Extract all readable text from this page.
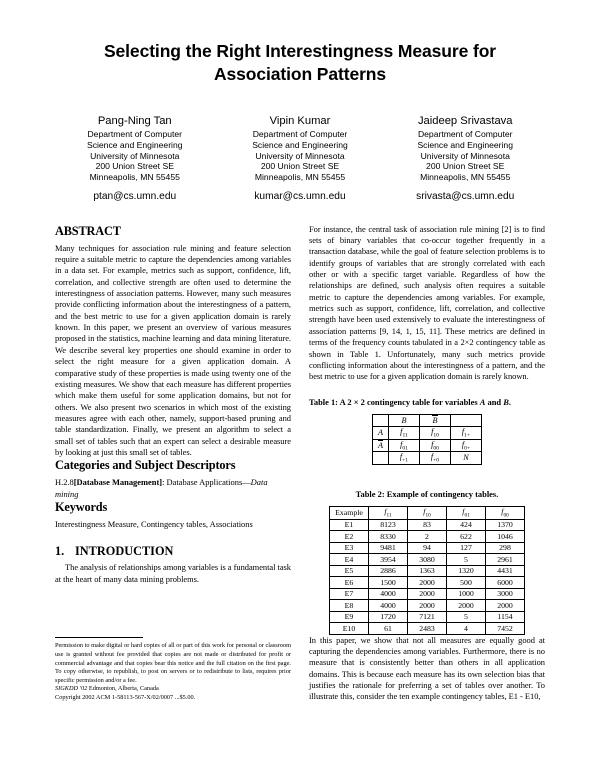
Selecting the Right Interestingness Measure for Association Patterns
Pang-Ning Tan
Department of Computer
Science and Engineering
University of Minnesota
200 Union Street SE
Minneapolis, MN 55455
ptan@cs.umn.edu
Vipin Kumar
Department of Computer
Science and Engineering
University of Minnesota
200 Union Street SE
Minneapolis, MN 55455
kumar@cs.umn.edu
Jaideep Srivastava
Department of Computer
Science and Engineering
University of Minnesota
200 Union Street SE
Minneapolis, MN 55455
srivasta@cs.umn.edu
ABSTRACT

Many techniques for association rule mining and feature selection require a suitable metric to capture the dependencies among variables in a data set. For example, metrics such as support, confidence, lift, correlation, and collective strength are often used to determine the interestingness of association patterns. However, many such measures provide conflicting information about the interestingness of a pattern, and the best metric to use for a given application domain is rarely known. In this paper, we present an overview of various measures proposed in the statistics, machine learning and data mining literature. We describe several key properties one should examine in order to select the right measure for a given application domain. A comparative study of these properties is made using twenty one of the existing measures. We show that each measure has different properties which make them useful for some application domains, but not for others. We also present two scenarios in which most of the existing measures agree with each other, namely, support-based pruning and table standardization. Finally, we present an algorithm to select a small set of tables such that an expert can select a desirable measure by looking at just this small set of tables.

Categories and Subject Descriptors

H.2.8[Database Management]: Database Applications—Data mining

Keywords

Interestingness Measure, Contingency tables, Associations

1. INTRODUCTION

The analysis of relationships among variables is a fundamental task at the heart of many data mining problems.

Permission to make digital or hard copies of all or part of this work for personal or classroom use is granted without fee provided that copies are not made or distributed for profit or commercial advantage and that copies bear this notice and the full citation on the first page. To copy otherwise, to republish, to post on servers or to redistribute to lists, requires prior specific permission and/or a fee.

SIGKDD '02 Edmonton, Alberta, Canada

Copyright 2002 ACM 1-58113-567-X/02/0007 ...$5.00.

For instance, the central task of association rule mining [2] is to find sets of binary variables that co-occur together frequently in a transaction database, while the goal of feature selection problems is to identify groups of variables that are strongly correlated with each other or with a specific target variable. Regardless of how the relationships are defined, such analysis often requires a suitable metric to capture the dependencies among variables. For example, metrics such as support, confidence, lift, correlation, and collective strength have been used extensively to evaluate the interestingness of association patterns [9, 14, 1, 15, 11]. These metrics are defined in terms of the frequency counts tabulated in a 2×2 contingency table as shown in Table 1. Unfortunately, many such metrics provide conflicting information about the interestingness of a pattern, and the best metric to use for a given application domain is rarely known.

Table 1: A 2 × 2 contingency table for variables A and B.

	B	B	
A	$f_{11}$	$f_{10}$	$f_{1+}$
A	$f_{01}$	$f_{00}$	$f_{0+}$
	$f_{+1}$	$f_{+0}$	N

Table 2: Example of contingency tables.

Example	$f_{11}$	$f_{10}$	$f_{01}$	$f_{00}$
E1	8123	83	424	1370
E2	8330	2	622	1046
E3	9481	94	127	298
E4	3954	3080	5	2961
E5	2886	1363	1320	4431
E6	1500	2000	500	6000
E7	4000	2000	1000	3000
E8	4000	2000	2000	2000
E9	1720	7121	5	1154
E10	61	2483	4	7452

In this paper, we show that not all measures are equally good at capturing the dependencies among variables. Furthermore, there is no measure that is consistently better than others in all application domains. This is because each measure has its own selection bias that justifies the rationale for preferring a set of tables over another. To illustrate this, consider the ten example contingency tables, E1 - E10,
